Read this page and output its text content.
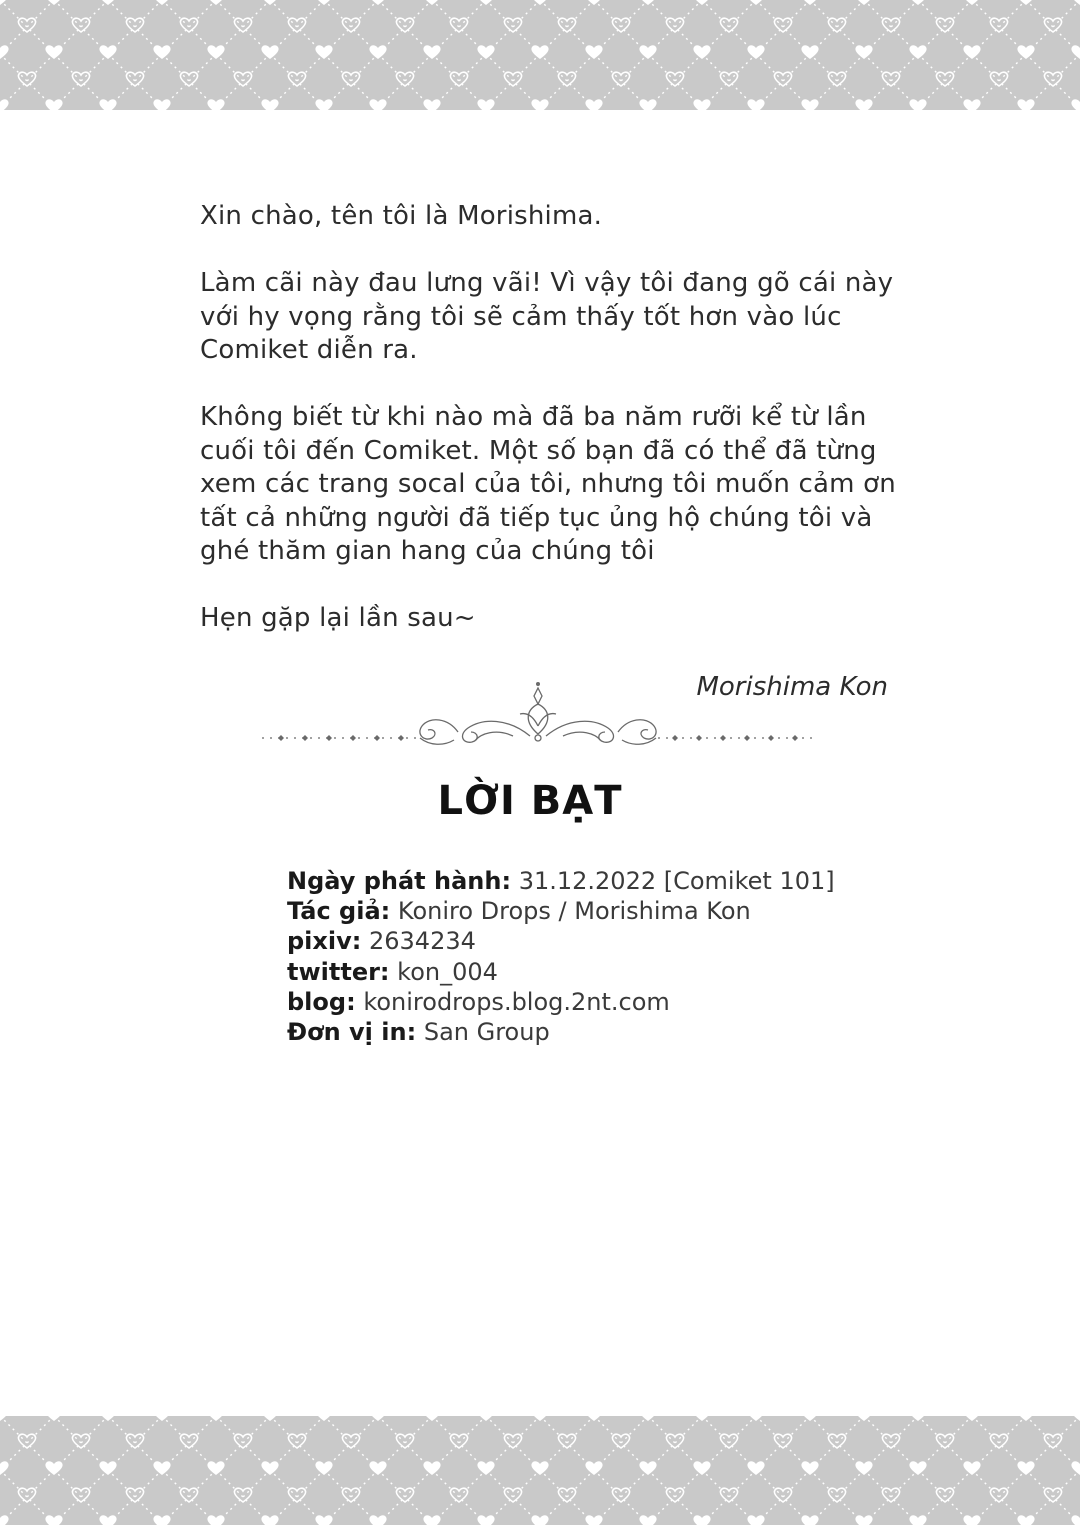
Xin chào, tên tôi là Morishima.

Làm cãi này đau lưng vãi! Vì vậy tôi đang gõ cái này với hy vọng rằng tôi sẽ cảm thấy tốt hơn vào lúc Comiket diễn ra.

Không biết từ khi nào mà đã ba năm rưỡi kể từ lần cuối tôi đến Comiket. Một số bạn đã có thể đã từng xem các trang socal của tôi, nhưng tôi muốn cảm ơn tất cả những người đã tiếp tục ủng hộ chúng tôi và ghé thăm gian hang của chúng tôi

Hẹn gặp lại lần sau~

Morishima Kon
LỜI BẠT
Ngày phát hành: 31.12.2022 [Comiket 101]
Tác giả: Koniro Drops / Morishima Kon
pixiv: 2634234
twitter: kon_004
blog: konirodrops.blog.2nt.com
Đơn vị in: San Group
